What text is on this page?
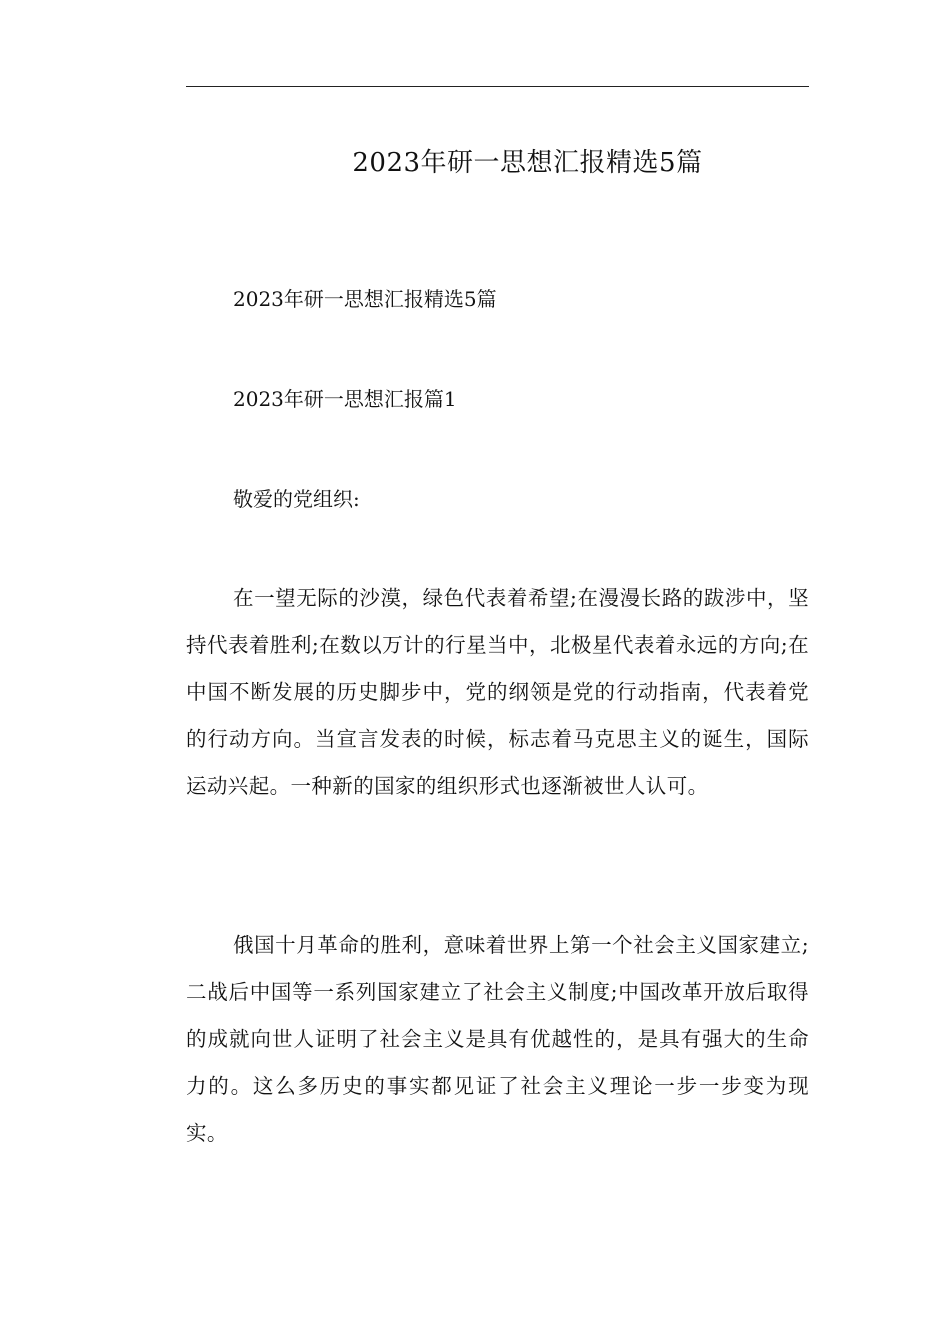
2023年研一思想汇报精选5篇
2023年研一思想汇报精选5篇
2023年研一思想汇报篇1
敬爱的党组织:
在一望无际的沙漠，绿色代表着希望;在漫漫长路的跋涉中，坚持代表着胜利;在数以万计的行星当中，北极星代表着永远的方向;在中国不断发展的历史脚步中，党的纲领是党的行动指南，代表着党的行动方向。当宣言发表的时候，标志着马克思主义的诞生，国际运动兴起。一种新的国家的组织形式也逐渐被世人认可。
俄国十月革命的胜利，意味着世界上第一个社会主义国家建立;二战后中国等一系列国家建立了社会主义制度;中国改革开放后取得的成就向世人证明了社会主义是具有优越性的，是具有强大的生命力的。这么多历史的事实都见证了社会主义理论一步一步变为现实。
